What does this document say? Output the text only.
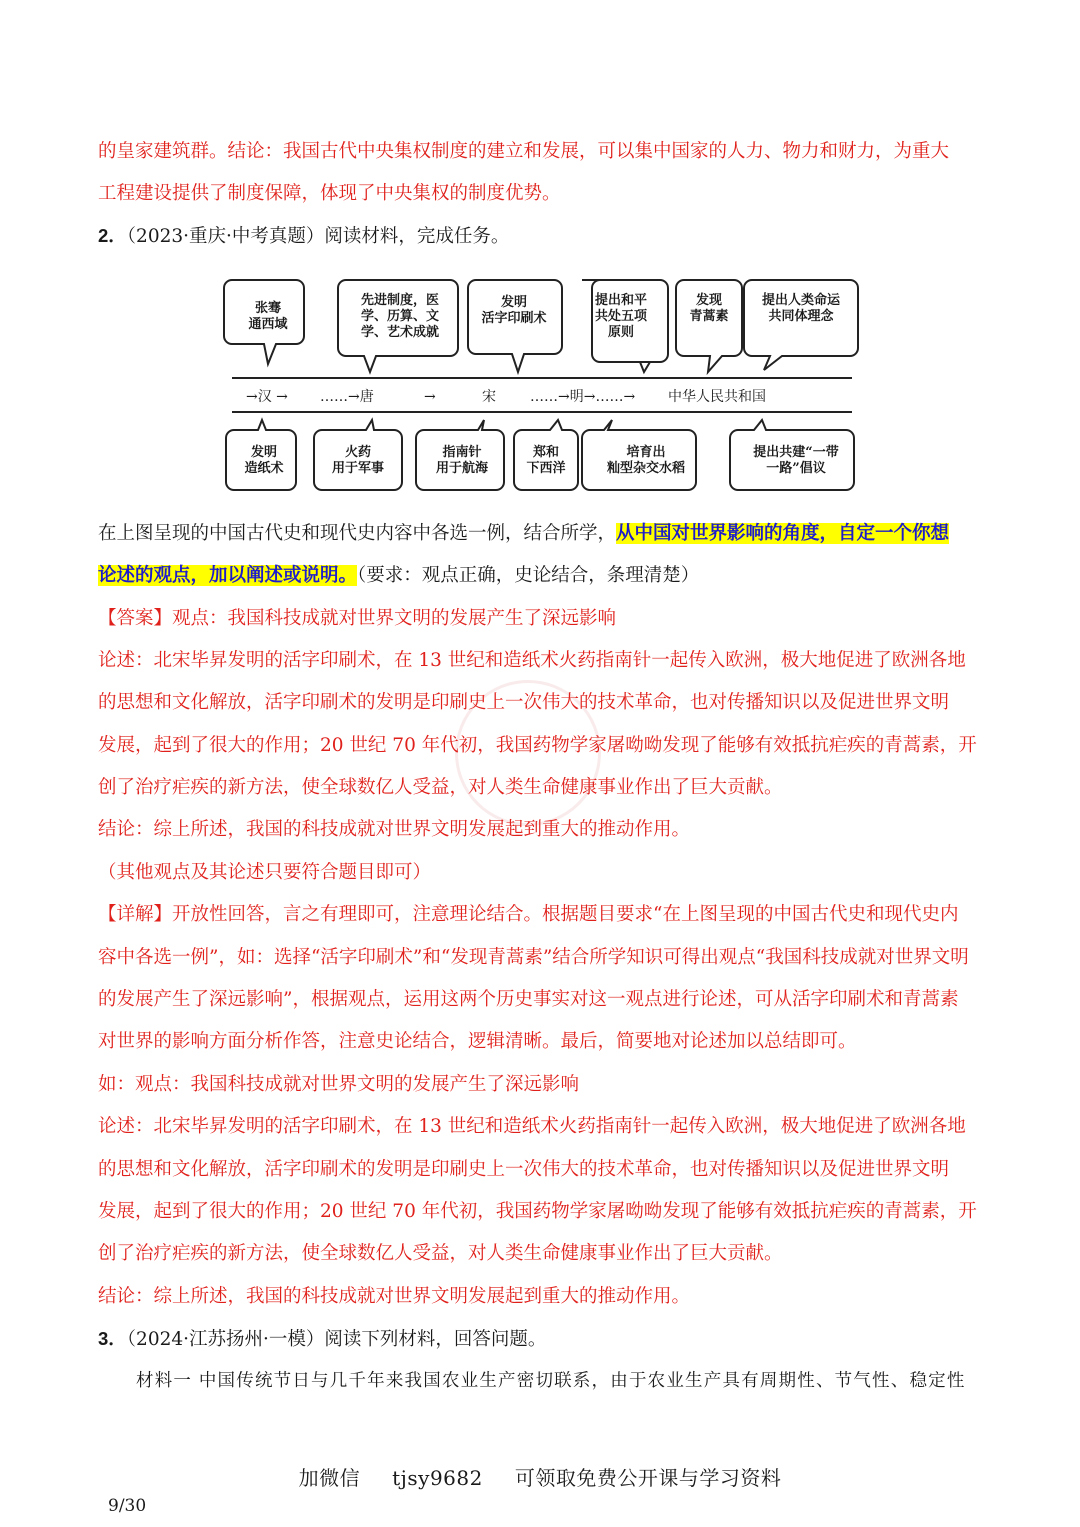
的皇家建筑群。结论：我国古代中央集权制度的建立和发展，可以集中国家的人力、物力和财力，为重大
工程建设提供了制度保障，体现了中央集权的制度优势。
2．（2023·重庆·中考真题）阅读材料，完成任务。
张骞通西域
先进制度，医学、历算、文学、艺术成就
发明活字印刷术
提出和平共处五项原则
发现青蒿素
提出人类命运共同体理念
→汉 → ……→唐	→	宋 ……→明→……→ 中华人民共和国
发明造纸术
火药用于军事
指南针用于航海
郑和下西洋
培育出籼型杂交水稻
提出共建“一带一路”倡议
在上图呈现的中国古代史和现代史内容中各选一例，结合所学，从中国对世界影响的角度，自定一个你想
论述的观点，加以阐述或说明。（要求：观点正确，史论结合，条理清楚）
【答案】观点：我国科技成就对世界文明的发展产生了深远影响
论述：北宋毕昇发明的活字印刷术，在 13 世纪和造纸术火药指南针一起传入欧洲，极大地促进了欧洲各地
的思想和文化解放，活字印刷术的发明是印刷史上一次伟大的技术革命，也对传播知识以及促进世界文明
发展，起到了很大的作用；20 世纪 70 年代初，我国药物学家屠呦呦发现了能够有效抵抗疟疾的青蒿素，开
创了治疗疟疾的新方法，使全球数亿人受益，对人类生命健康事业作出了巨大贡献。
结论：综上所述，我国的科技成就对世界文明发展起到重大的推动作用。
（其他观点及其论述只要符合题目即可）
【详解】开放性回答，言之有理即可，注意理论结合。根据题目要求“在上图呈现的中国古代史和现代史内
容中各选一例”，如：选择“活字印刷术”和“发现青蒿素”结合所学知识可得出观点“我国科技成就对世界文明
的发展产生了深远影响”，根据观点，运用这两个历史事实对这一观点进行论述，可从活字印刷术和青蒿素
对世界的影响方面分析作答，注意史论结合，逻辑清晰。最后，简要地对论述加以总结即可。
如：观点：我国科技成就对世界文明的发展产生了深远影响
论述：北宋毕昇发明的活字印刷术，在 13 世纪和造纸术火药指南针一起传入欧洲，极大地促进了欧洲各地
的思想和文化解放，活字印刷术的发明是印刷史上一次伟大的技术革命，也对传播知识以及促进世界文明
发展，起到了很大的作用；20 世纪 70 年代初，我国药物学家屠呦呦发现了能够有效抵抗疟疾的青蒿素，开
创了治疗疟疾的新方法，使全球数亿人受益，对人类生命健康事业作出了巨大贡献。
结论：综上所述，我国的科技成就对世界文明发展起到重大的推动作用。
3．（2024·江苏扬州·一模）阅读下列材料，回答问题。
材料一 中国传统节日与几千年来我国农业生产密切联系，由于农业生产具有周期性、节气性、稳定性
加微信 tjsy9682 可领取免费公开课与学习资料
9/30
